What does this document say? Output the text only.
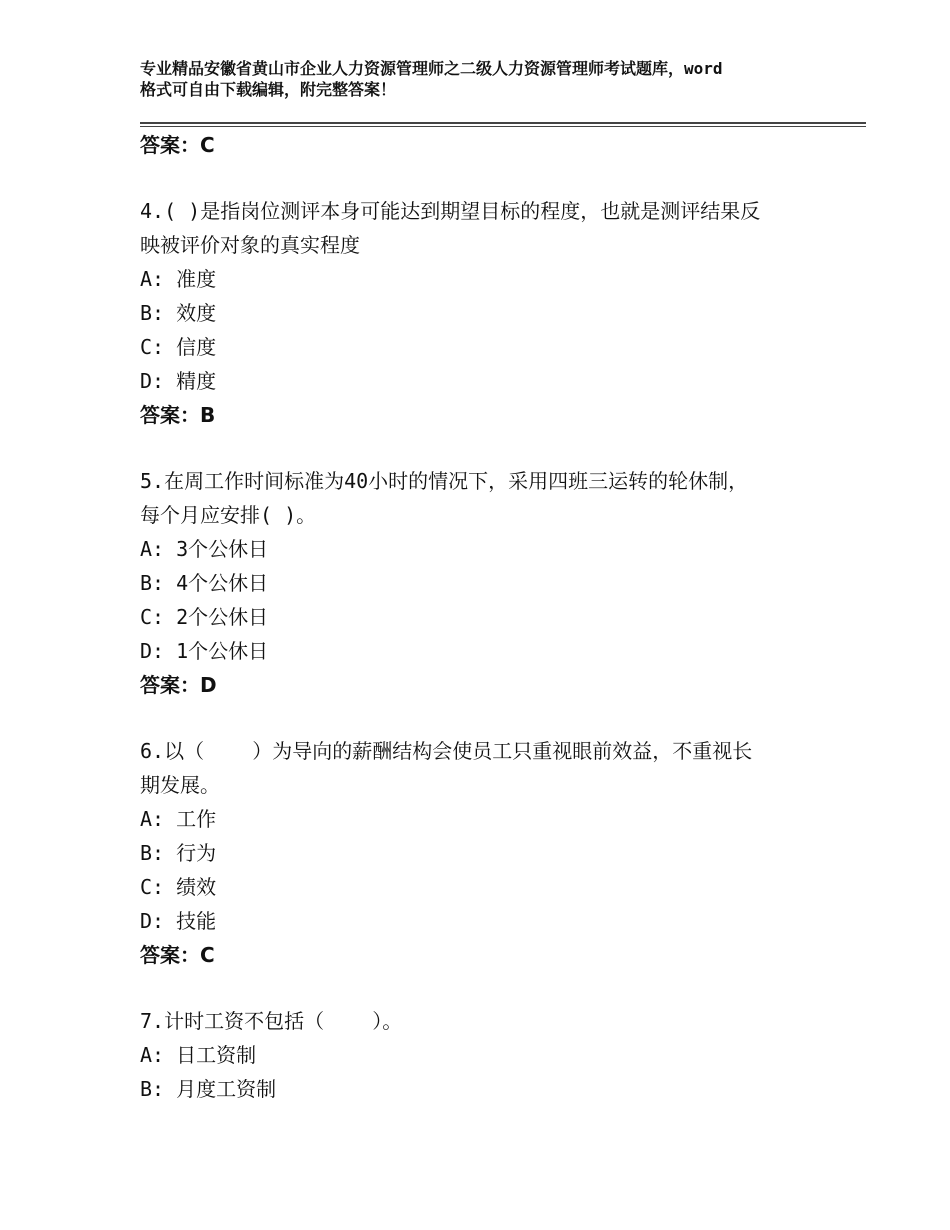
专业精品安徽省黄山市企业人力资源管理师之二级人力资源管理师考试题库，word
格式可自由下载编辑，附完整答案！
答案：C
4.( )是指岗位测评本身可能达到期望目标的程度，也就是测评结果反
映被评价对象的真实程度
A: 准度
B: 效度
C: 信度
D: 精度
答案：B
5.在周工作时间标准为40小时的情况下，采用四班三运转的轮休制，
每个月应安排( )。
A: 3个公休日
B: 4个公休日
C: 2个公休日
D: 1个公休日
答案：D
6.以（    ）为导向的薪酬结构会使员工只重视眼前效益，不重视长
期发展。
A: 工作
B: 行为
C: 绩效
D: 技能
答案：C
7.计时工资不包括（    ）。
A: 日工资制
B: 月度工资制
